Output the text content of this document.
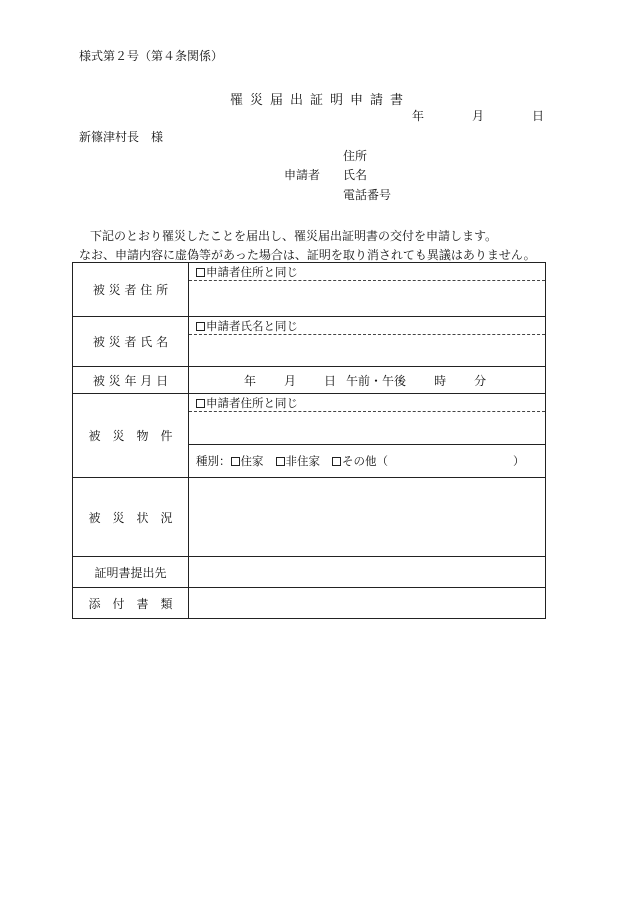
様式第２号（第４条関係）
罹災届出証明申請書
年	月	日
新篠津村長　様
申請者
住所
氏名
電話番号
下記のとおり罹災したことを届出し、罹災届出証明書の交付を申請します。
なお、申請内容に虚偽等があった場合は、証明を取り消されても異議はありません。
被 災 者 住 所	申請者住所と同じ

被 災 者 氏 名	申請者氏名と同じ

被 災 年 月 日	年 月 日 午前・午後 時 分
被　災　物　件	申請者住所と同じ
種別： 住家 非住家 その他（ ）

被　災　状　況	
証明書提出先	
添　付　書　類	
